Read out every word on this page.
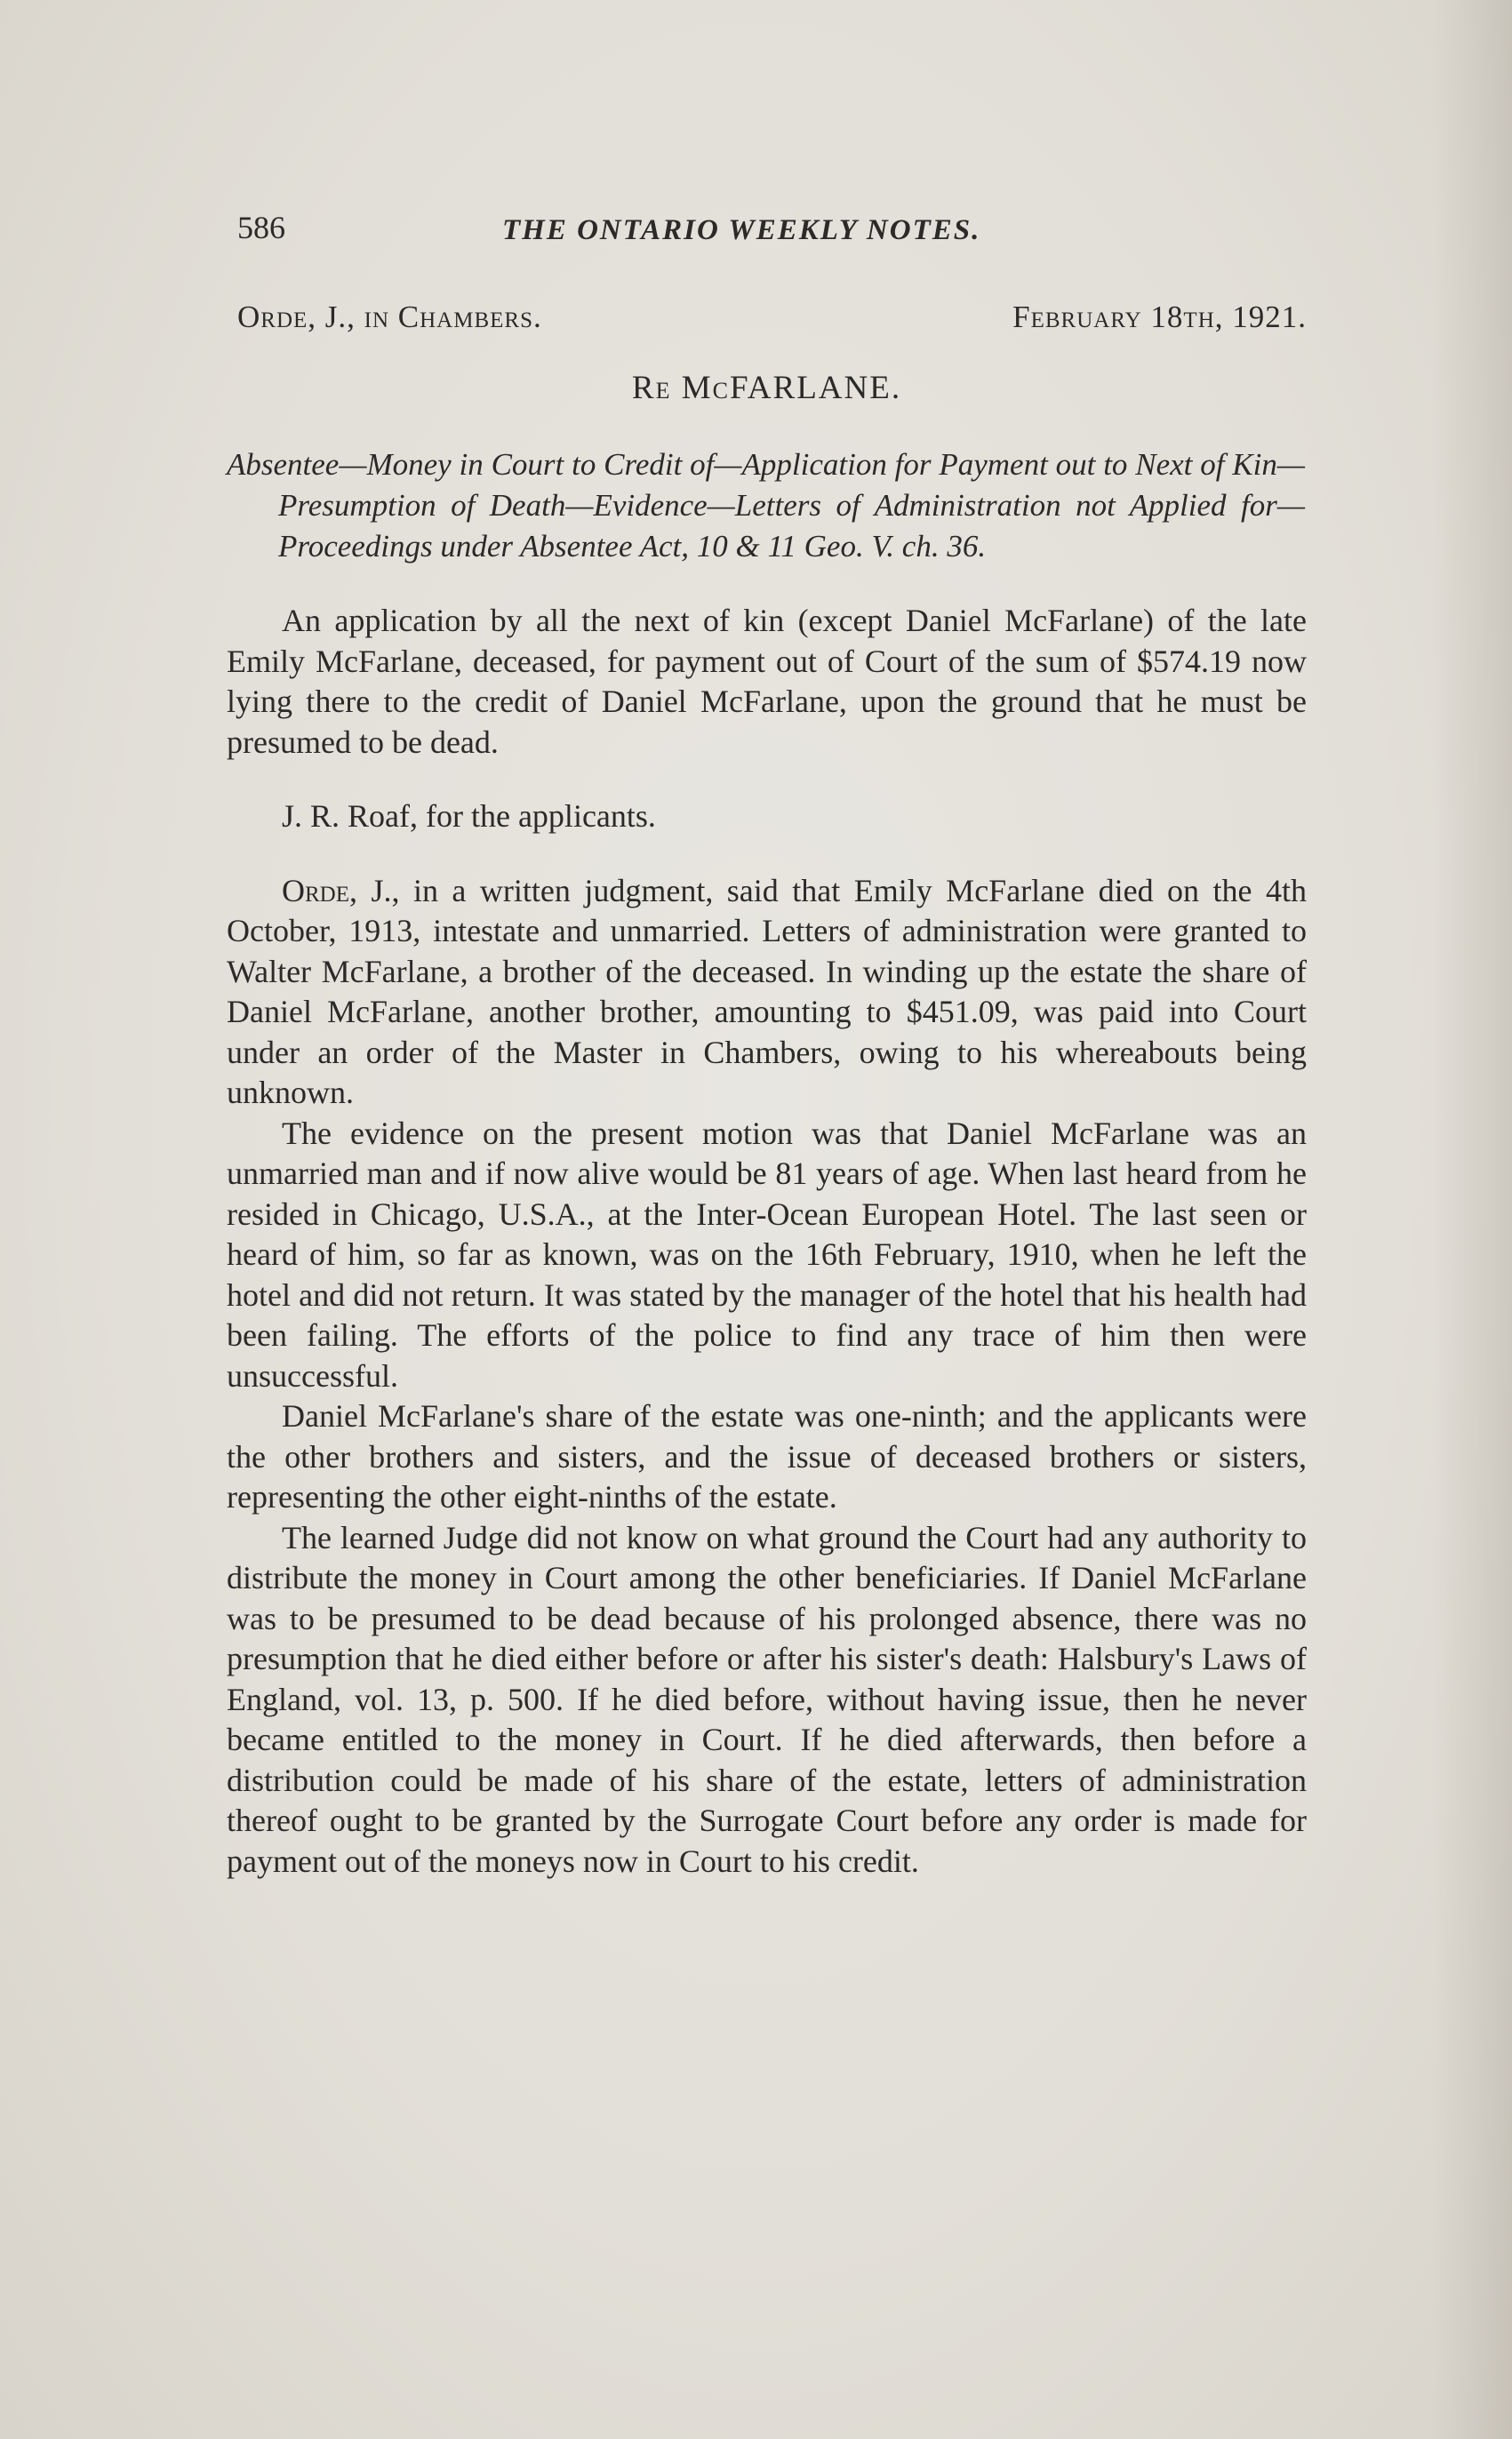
586	THE ONTARIO WEEKLY NOTES.
Orde, J., in Chambers.	February 18th, 1921.
Re McFARLANE.
Absentee—Money in Court to Credit of—Application for Payment out to Next of Kin—Presumption of Death—Evidence—Letters of Administration not Applied for—Proceedings under Absentee Act, 10 & 11 Geo. V. ch. 36.

An application by all the next of kin (except Daniel McFarlane) of the late Emily McFarlane, deceased, for payment out of Court of the sum of $574.19 now lying there to the credit of Daniel McFarlane, upon the ground that he must be presumed to be dead.

J. R. Roaf, for the applicants.

Orde, J., in a written judgment, said that Emily McFarlane died on the 4th October, 1913, intestate and unmarried. Letters of administration were granted to Walter McFarlane, a brother of the deceased. In winding up the estate the share of Daniel McFarlane, another brother, amounting to $451.09, was paid into Court under an order of the Master in Chambers, owing to his whereabouts being unknown.

The evidence on the present motion was that Daniel McFarlane was an unmarried man and if now alive would be 81 years of age. When last heard from he resided in Chicago, U.S.A., at the Inter-Ocean European Hotel. The last seen or heard of him, so far as known, was on the 16th February, 1910, when he left the hotel and did not return. It was stated by the manager of the hotel that his health had been failing. The efforts of the police to find any trace of him then were unsuccessful.

Daniel McFarlane's share of the estate was one-ninth; and the applicants were the other brothers and sisters, and the issue of deceased brothers or sisters, representing the other eight-ninths of the estate.

The learned Judge did not know on what ground the Court had any authority to distribute the money in Court among the other beneficiaries. If Daniel McFarlane was to be presumed to be dead because of his prolonged absence, there was no presumption that he died either before or after his sister's death: Halsbury's Laws of England, vol. 13, p. 500. If he died before, without having issue, then he never became entitled to the money in Court. If he died afterwards, then before a distribution could be made of his share of the estate, letters of administration thereof ought to be granted by the Surrogate Court before any order is made for payment out of the moneys now in Court to his credit.
